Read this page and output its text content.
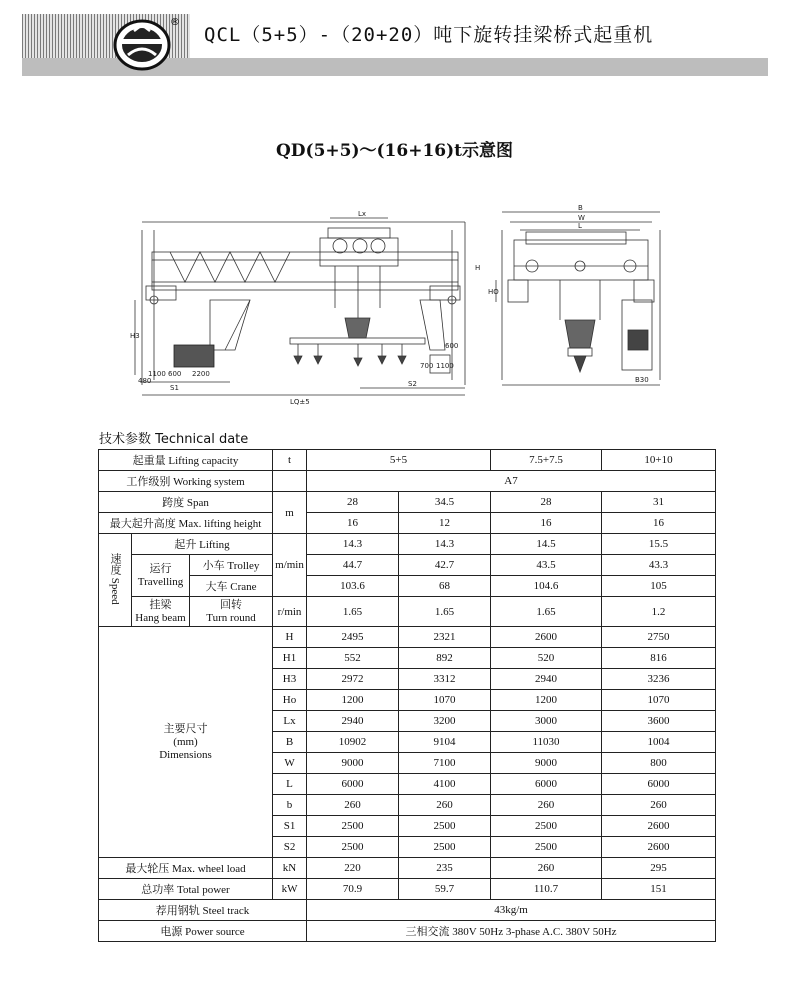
®
QCL（5+5）-（20+20）吨下旋转挂梁桥式起重机
QD(5+5)～(16+16)t示意图
Lx
S1
LQ±5
S2
H3
1100 600 2200
480
700 1100
600
H
B
W
L
HO
B30
技术参数 Technical date
起重量 Lifting capacity			t	5+5		7.5+7.5	10+10
工作级别 Working system				A7			
跨度 Span			m	28	34.5	28	31
最大起升高度 Max. lifting height				16	12	16	16
速度 Speed	起升 Lifting		m/min	14.3	14.3	14.5	15.5

	运行
Travelling	小车 Trolley		44.7	42.7	43.5	43.3
		大车 Crane		103.6	68	104.6	105

	挂梁
Hang beam	回转
Turn round	r/min	1.65	1.65	1.65	1.2

主要尺寸
(mm)
Dimensions			H	2495	2321	2600	2750
			H1	552	892	520	816
			H3	2972	3312	2940	3236
			Ho	1200	1070	1200	1070
			Lx	2940	3200	3000	3600
			B	10902	9104	11030	1004
			W	9000	7100	9000	800
			L	6000	4100	6000	6000
			b	260	260	260	260
			S1	2500	2500	2500	2600
			S2	2500	2500	2500	2600
最大轮压 Max. wheel load			kN	220	235	260	295
总功率 Total power			kW	70.9	59.7	110.7	151
荐用钢轨 Steel track				43kg/m			
电源 Power source				三相交流 380V 50Hz 3-phase A.C. 380V 50Hz			
